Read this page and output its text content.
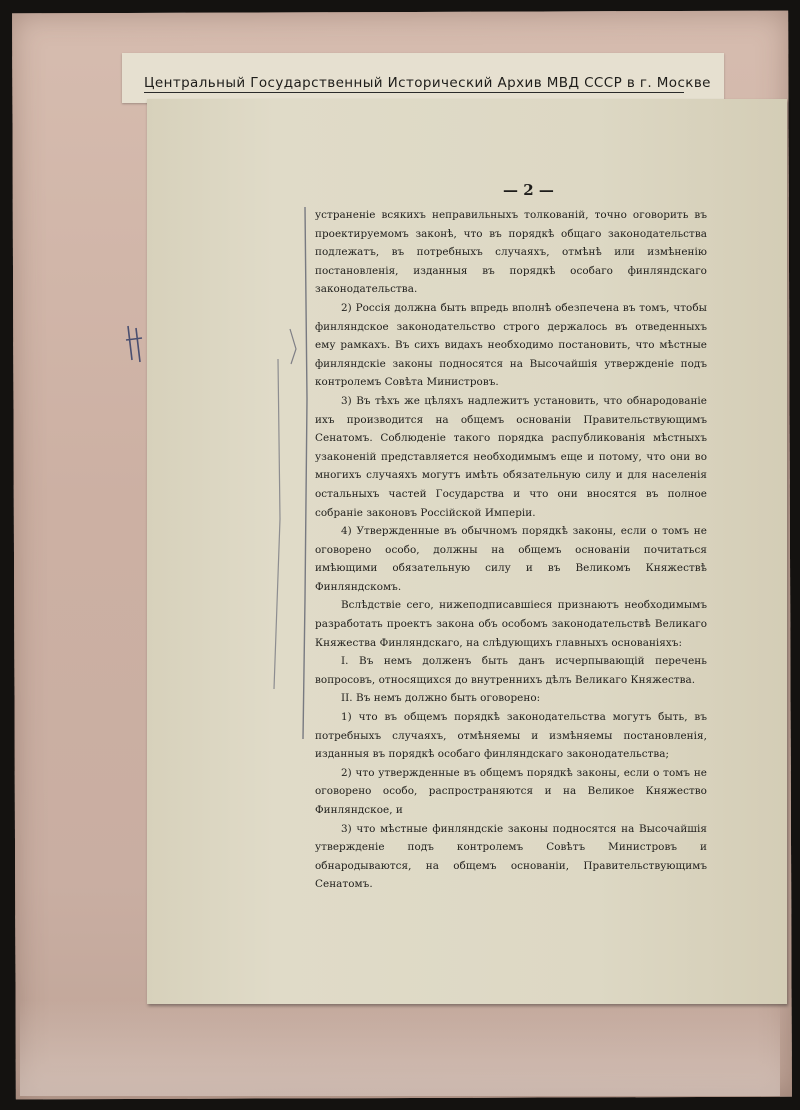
Центральный Государственный Исторический Архив МВД СССР в г. Москве
— 2 —

устраненіе всякихъ неправильныхъ толкованій, точно оговорить въ проектируемомъ законѣ, что въ порядкѣ общаго законодательства подлежатъ, въ потребныхъ случаяхъ, отмѣнѣ или измѣненію постановленія, изданныя въ порядкѣ особаго финляндскаго законодательства.

2) Россія должна быть впредь вполнѣ обезпечена въ томъ, чтобы финляндское законодательство строго держалось въ отведенныхъ ему рамкахъ. Въ сихъ видахъ необходимо постановить, что мѣстные финляндскіе законы подносятся на Высочайшія утвержденіе подъ контролемъ Совѣта Министровъ.

3) Въ тѣхъ же цѣляхъ надлежитъ установить, что обнародованіе ихъ производится на общемъ основаніи Правительствующимъ Сенатомъ. Соблюденіе такого порядка распубликованія мѣстныхъ узаконеній представляется необходимымъ еще и потому, что они во многихъ случаяхъ могутъ имѣть обязательную силу и для населенія остальныхъ частей Государства и что они вносятся въ полное собраніе законовъ Россійской Имперіи.

4) Утвержденные въ обычномъ порядкѣ законы, если о томъ не оговорено особо, должны на общемъ основаніи почитаться имѣющими обязательную силу и въ Великомъ Княжествѣ Финляндскомъ.

Вслѣдствіе сего, нижеподписавшіеся признаютъ необходимымъ разработать проектъ закона объ особомъ законодательствѣ Великаго Княжества Финляндскаго, на слѣдующихъ главныхъ основаніяхъ:

I. Въ немъ долженъ быть данъ исчерпывающій перечень вопросовъ, относящихся до внутреннихъ дѣлъ Великаго Княжества.

II. Въ немъ должно быть оговорено:

1) что въ общемъ порядкѣ законодательства могутъ быть, въ потребныхъ случаяхъ, отмѣняемы и измѣняемы постановленія, изданныя въ порядкѣ особаго финляндскаго законодательства;

2) что утвержденные въ общемъ порядкѣ законы, если о томъ не оговорено особо, распространяются и на Великое Княжество Финляндское, и

3) что мѣстные финляндскіе законы подносятся на Высочайшія утвержденіе подъ контролемъ Совѣтъ Министровъ и обнародываются, на общемъ основаніи, Правительствующимъ Сенатомъ.
